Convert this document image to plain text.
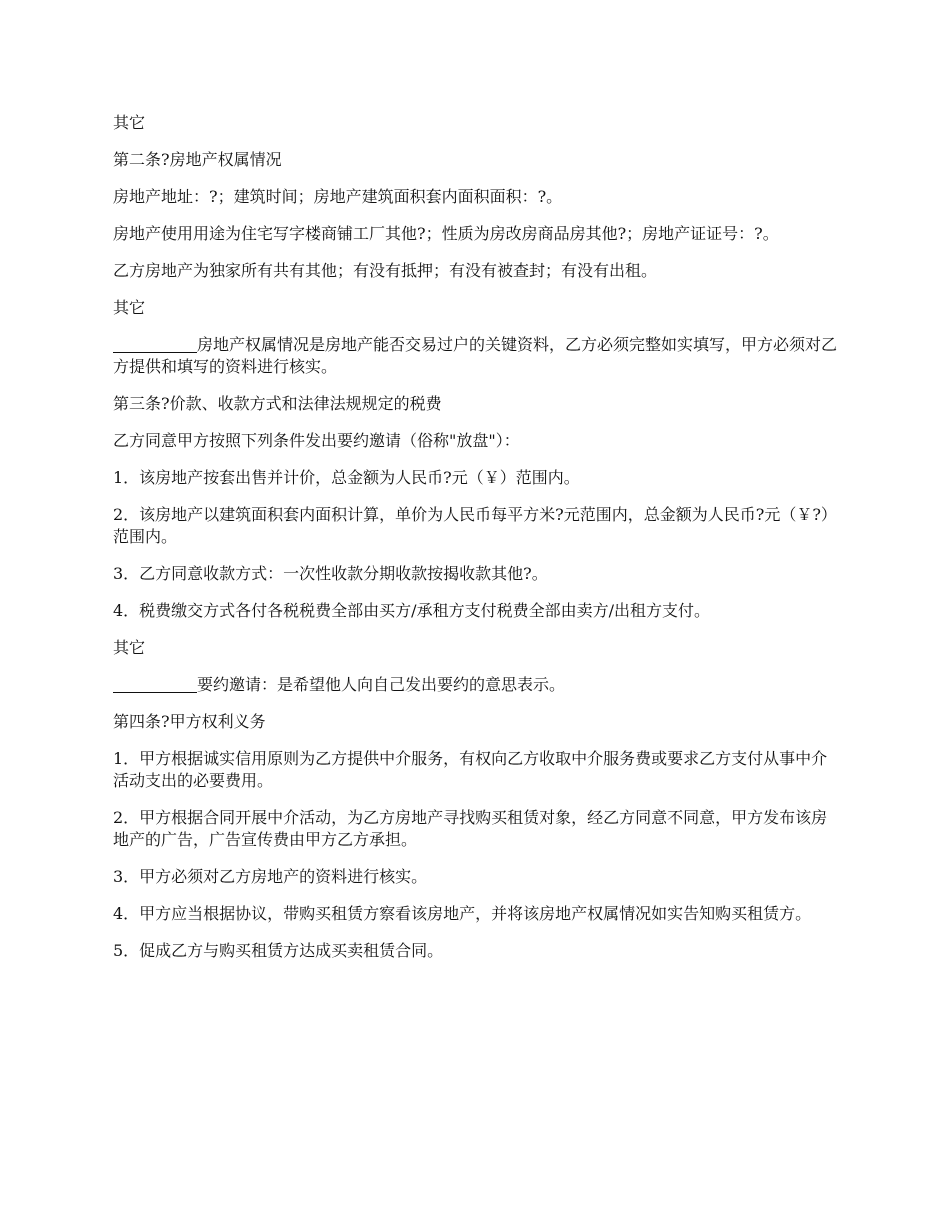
其它

第二条?房地产权属情况

房地产地址：?；建筑时间；房地产建筑面积套内面积面积：?。

房地产使用用途为住宅写字楼商铺工厂其他?；性质为房改房商品房其他?；房地产证证号：?。

乙方房地产为独家所有共有其他；有没有抵押；有没有被查封；有没有出租。

其它

房地产权属情况是房地产能否交易过户的关键资料，乙方必须完整如实填写，甲方必须对乙方提供和填写的资料进行核实。

第三条?价款、收款方式和法律法规规定的税费

乙方同意甲方按照下列条件发出要约邀请（俗称"放盘"）：

1．该房地产按套出售并计价，总金额为人民币?元（￥）范围内。

2．该房地产以建筑面积套内面积计算，单价为人民币每平方米?元范围内，总金额为人民币?元（￥?）范围内。

3．乙方同意收款方式：一次性收款分期收款按揭收款其他?。

4．税费缴交方式各付各税税费全部由买方/承租方支付税费全部由卖方/出租方支付。

其它

要约邀请：是希望他人向自己发出要约的意思表示。

第四条?甲方权利义务

1．甲方根据诚实信用原则为乙方提供中介服务，有权向乙方收取中介服务费或要求乙方支付从事中介活动支出的必要费用。

2．甲方根据合同开展中介活动，为乙方房地产寻找购买租赁对象，经乙方同意不同意，甲方发布该房地产的广告，广告宣传费由甲方乙方承担。

3．甲方必须对乙方房地产的资料进行核实。

4．甲方应当根据协议，带购买租赁方察看该房地产，并将该房地产权属情况如实告知购买租赁方。

5．促成乙方与购买租赁方达成买卖租赁合同。
